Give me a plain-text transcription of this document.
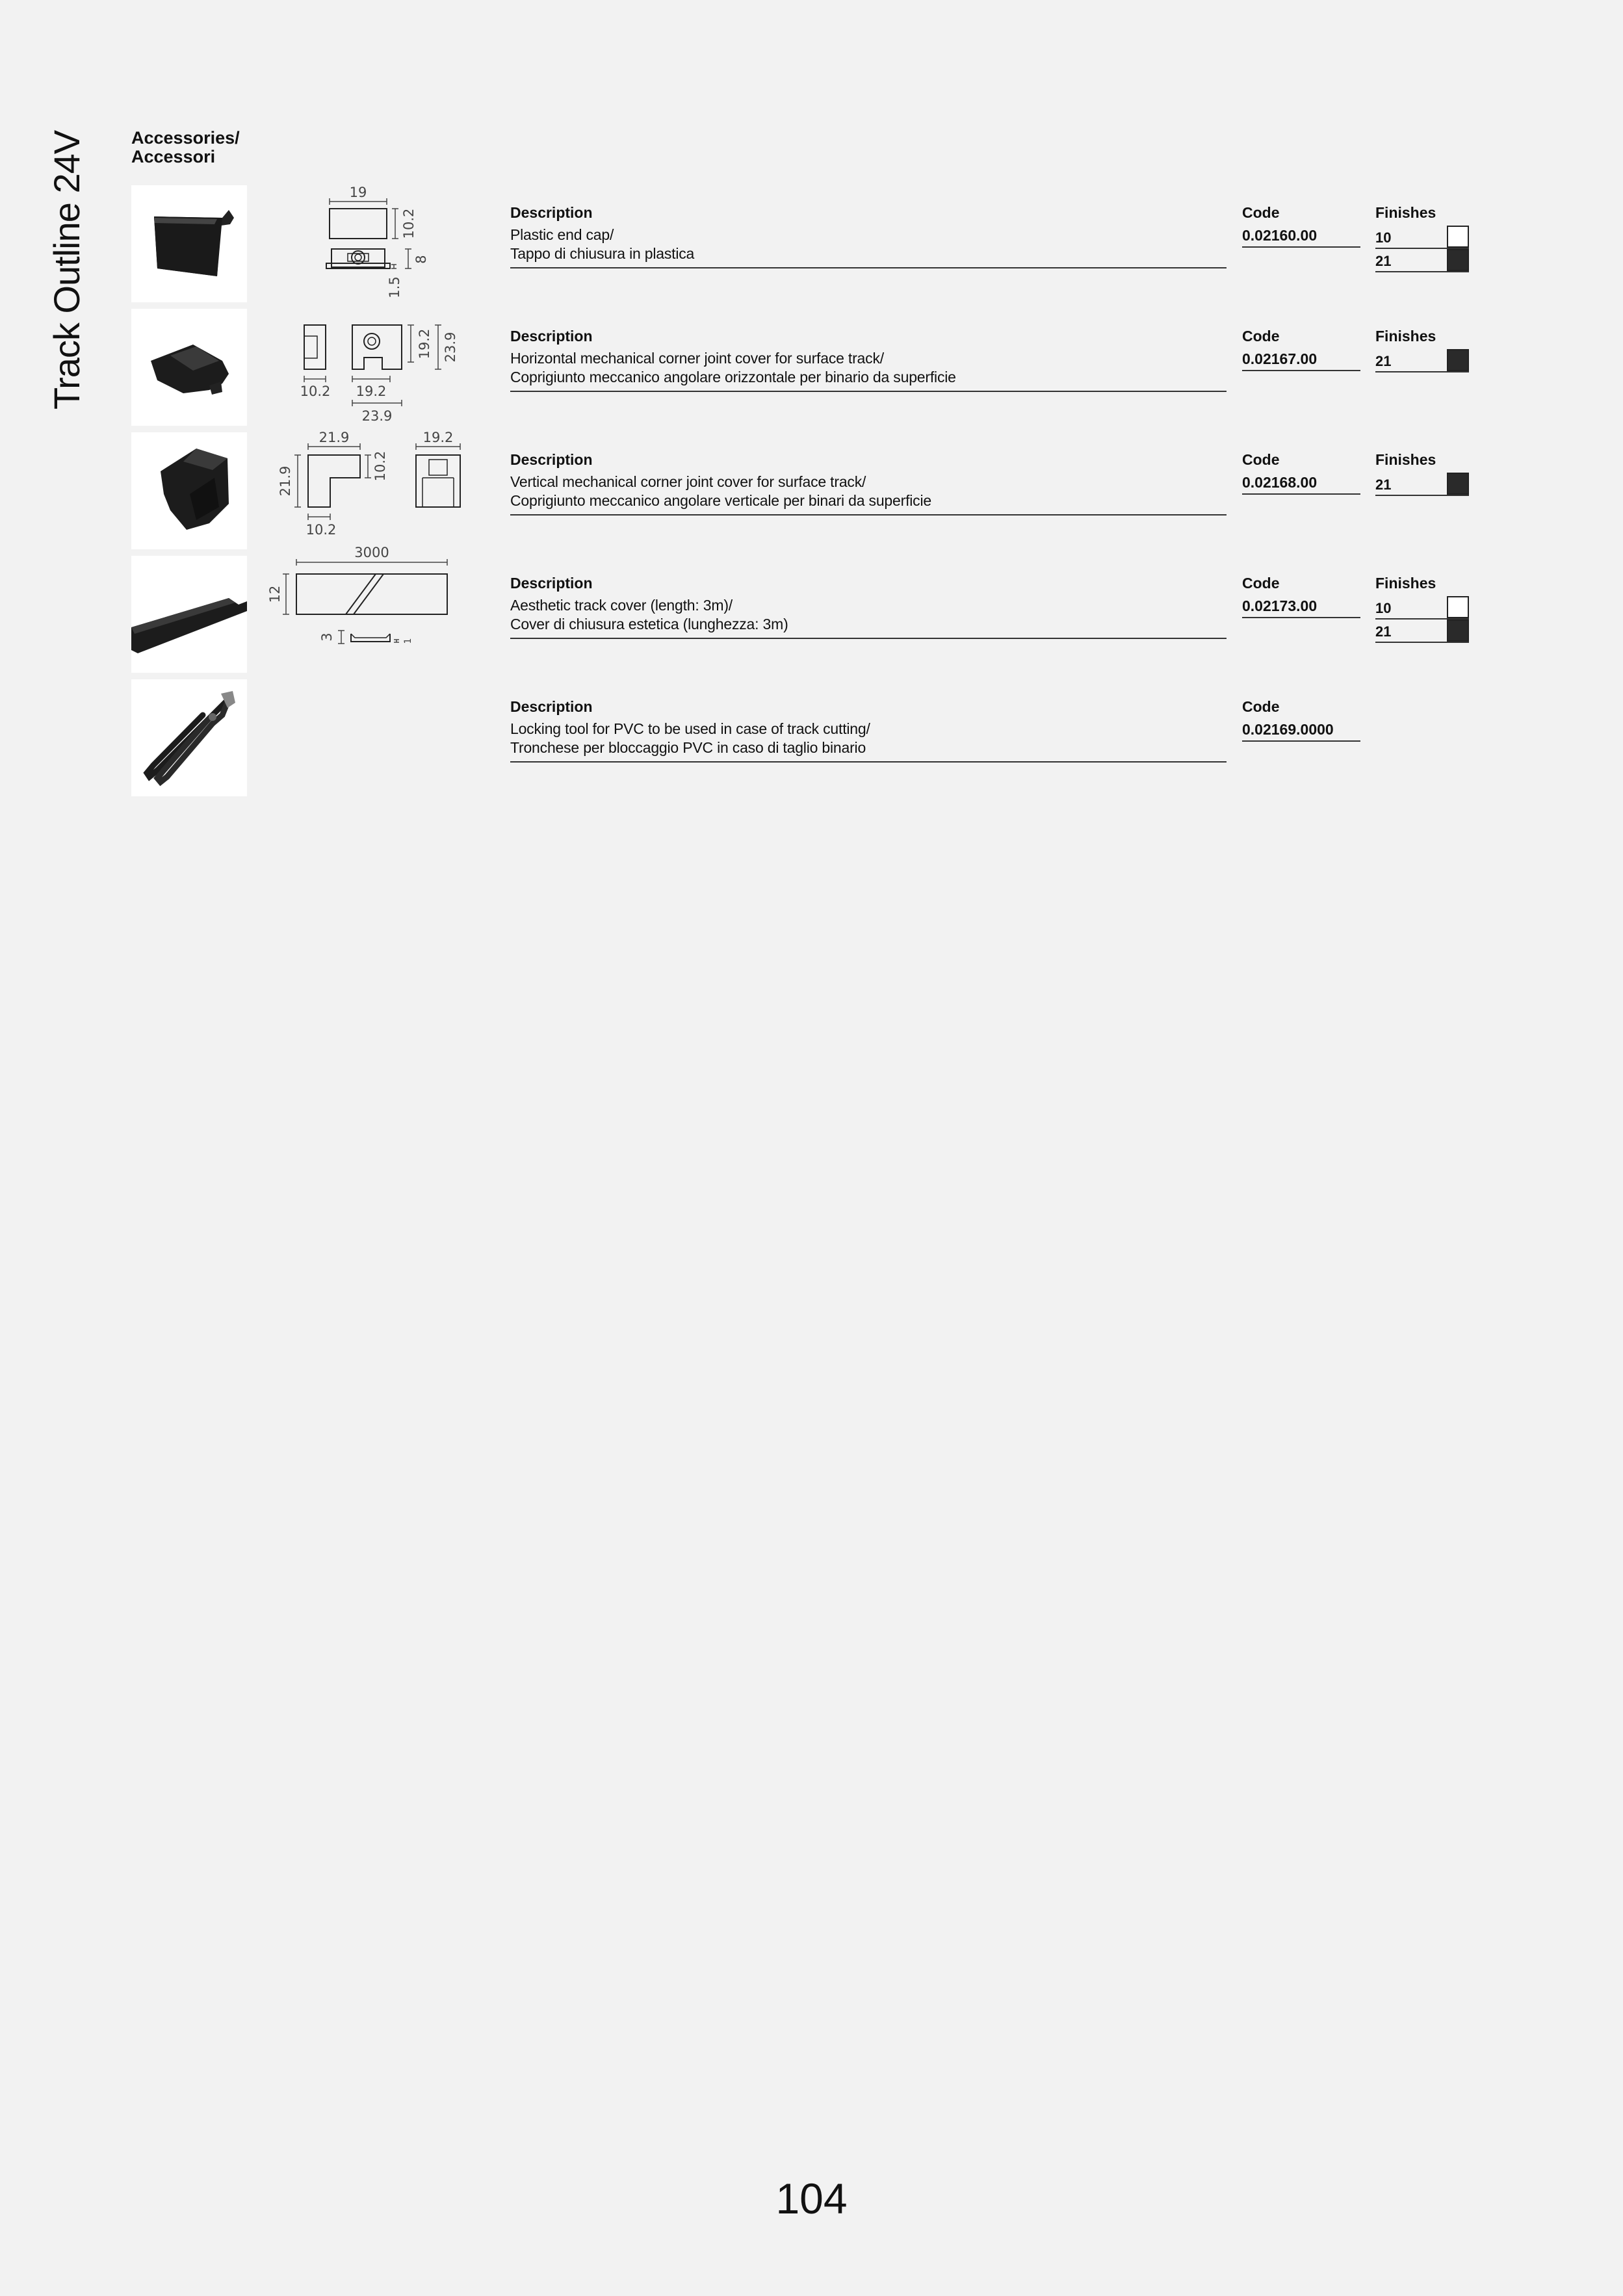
Track Outline 24V	Accessories/
Accessori
19
10.2
8
1.5
Description
Plastic end cap/
Tappo di chiusura in plastica
Code
0.02160.00
Finishes
10
21
10.2 19.2
23.9
19.2 23.9	Description
Horizontal mechanical corner joint cover for surface track/
Coprigiunto meccanico angolare orizzontale per binario da superficie
Code
0.02167.00
Finishes
21
21.9
21.9	10.2
10.2
19.2
Description
Vertical mechanical corner joint cover for surface track/
Coprigiunto meccanico angolare verticale per binari da superficie
Code
0.02168.00
Finishes
21
3000
12
3	1
Description
Aesthetic track cover (length: 3m)/
Cover di chiusura estetica (lunghezza: 3m)
Code
0.02173.00
Finishes
10
21
Description
Locking tool for PVC to be used in case of track cutting/
Tronchese per bloccaggio PVC in caso di taglio binario
Code
0.02169.0000
104
